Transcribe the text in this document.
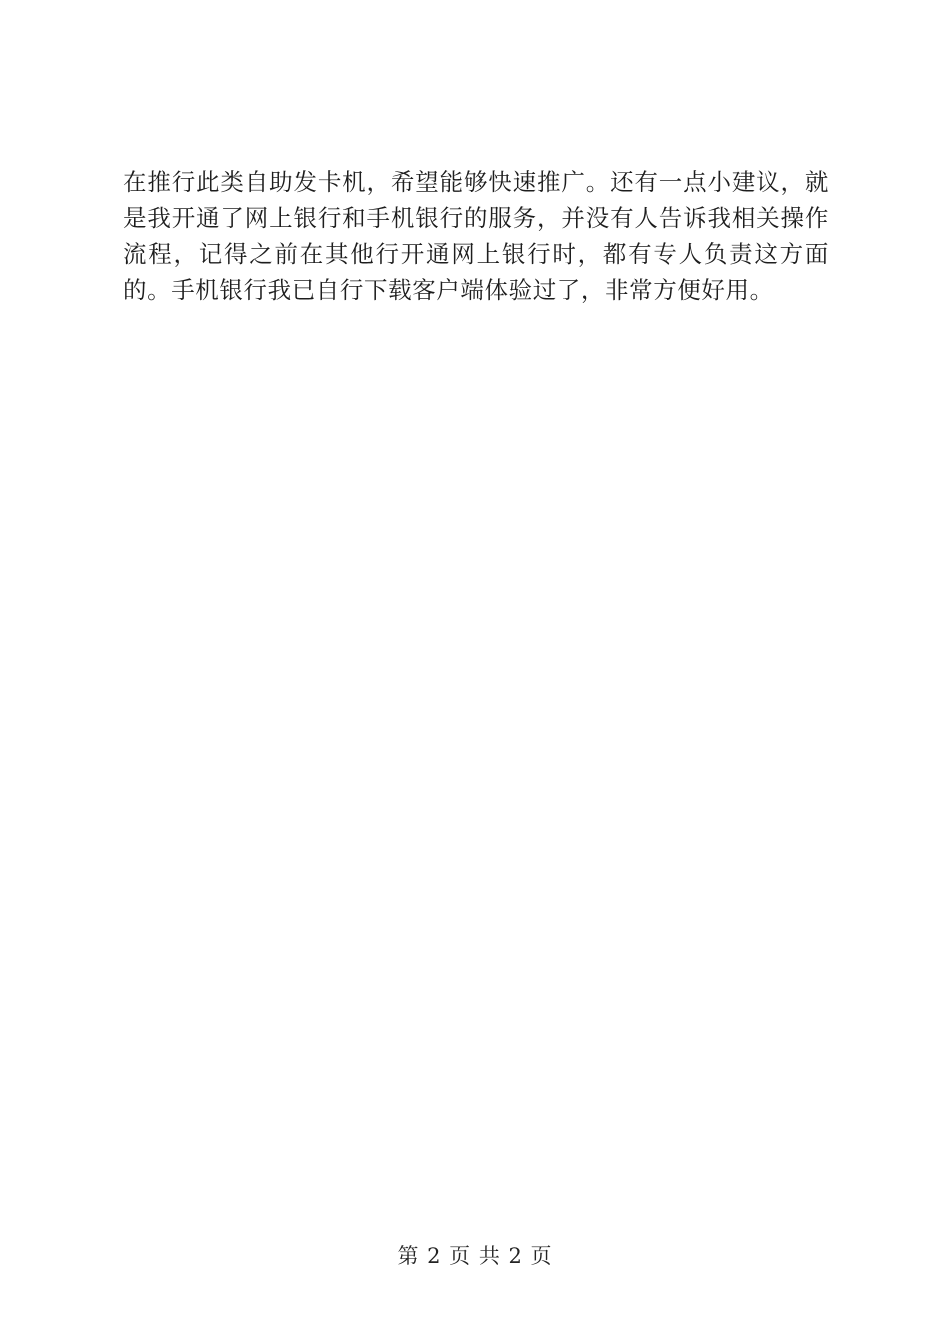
在推行此类自助发卡机，希望能够快速推广。还有一点小建议，就是我开通了网上银行和手机银行的服务，并没有人告诉我相关操作流程，记得之前在其他行开通网上银行时，都有专人负责这方面的。手机银行我已自行下载客户端体验过了，非常方便好用。
第 2 页 共 2 页
